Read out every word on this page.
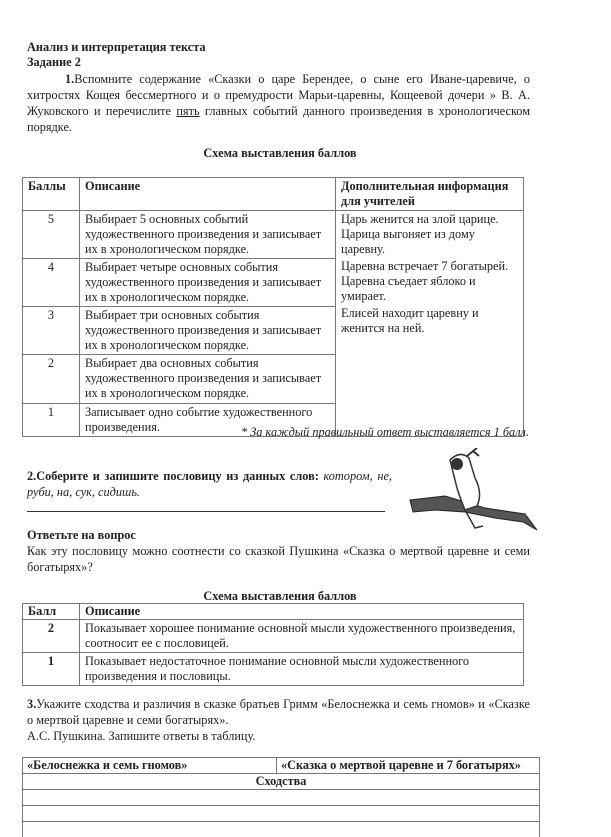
Анализ и интерпретация текста
Задание 2

1.Вспомните содержание «Сказки о царе Берендее, о сыне его Иване-царевиче, о хитростях Кощея бессмертного и о премудрости Марьи-царевны, Кощеевой дочери » В. А. Жуковского и перечислите пять главных событий данного произведения в хронологическом порядке.

Схема выставления баллов
Баллы	Описание	Дополнительная информация для учителей
5	Выбирает 5 основных событий художественного произведения и записывает их в хронологическом порядке.	Царь женится на злой царице.
Царица выгоняет из дому царевну.
Царевна встречает 7 богатырей.
Царевна съедает яблоко и умирает.
Елисей находит царевну и женится на ней.

4	Выбирает четыре основных события художественного произведения и записывает их в хронологическом порядке.	
3	Выбирает три основных события художественного произведения и записывает их в хронологическом порядке.	
2	Выбирает два основных события художественного произведения и записывает их в хронологическом порядке.	
1	Записывает одно событие художественного произведения.		* За каждый правильный ответ выставляется 1 балл.

2.Соберите и запишите пословицу из данных слов: котором, не, руби, на, сук, сидишь.

Ответьте на вопрос

Как эту пословицу можно соотнести со сказкой Пушкина «Сказка о мертвой царевне и семи богатырях»?

Схема выставления баллов
Балл	Описание
2	Показывает хорошее понимание основной мысли художественного произведения, соотносит ее с пословицей.
1	Показывает недостаточное понимание основной мысли художественного произведения и пословицы.

3.Укажите сходства и различия в сказке братьев Гримм «Белоснежка и семь гномов» и «Сказке о мертвой царевне и семи богатырях».
А.С. Пушкина. Запишите ответы в таблицу.

«Белоснежка и семь гномов»	«Сказка о мертвой царевне и 7 богатырях»
Сходства
